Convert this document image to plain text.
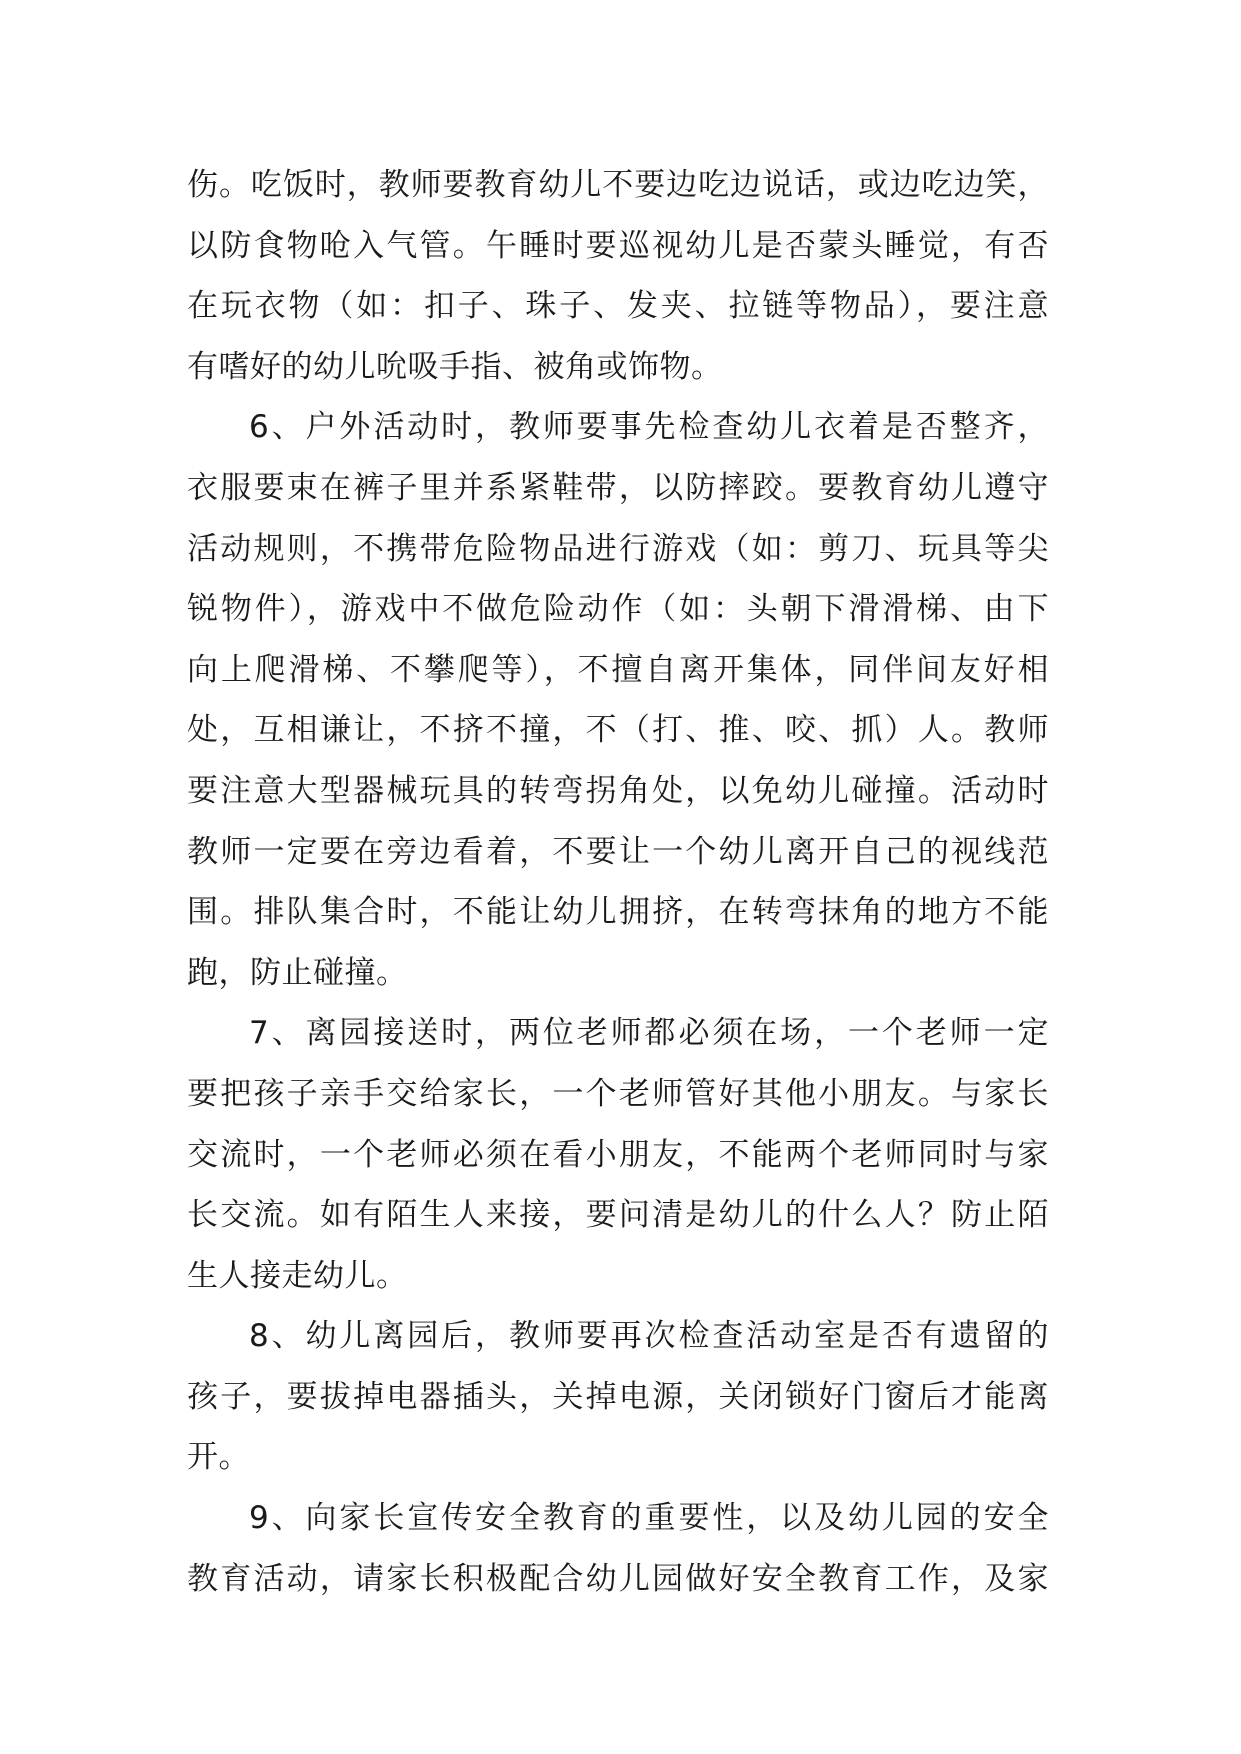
伤。吃饭时，教师要教育幼儿不要边吃边说话，或边吃边笑，
以防食物呛入气管。午睡时要巡视幼儿是否蒙头睡觉，有否
在玩衣物（如：扣子、珠子、发夹、拉链等物品），要注意
有嗜好的幼儿吮吸手指、被角或饰物。
6、户外活动时，教师要事先检查幼儿衣着是否整齐，
衣服要束在裤子里并系紧鞋带，以防摔跤。要教育幼儿遵守
活动规则，不携带危险物品进行游戏（如：剪刀、玩具等尖
锐物件），游戏中不做危险动作（如：头朝下滑滑梯、由下
向上爬滑梯、不攀爬等），不擅自离开集体，同伴间友好相
处，互相谦让，不挤不撞，不（打、推、咬、抓）人。教师
要注意大型器械玩具的转弯拐角处，以免幼儿碰撞。活动时
教师一定要在旁边看着，不要让一个幼儿离开自己的视线范
围。排队集合时，不能让幼儿拥挤，在转弯抹角的地方不能
跑，防止碰撞。
7、离园接送时，两位老师都必须在场，一个老师一定
要把孩子亲手交给家长，一个老师管好其他小朋友。与家长
交流时，一个老师必须在看小朋友，不能两个老师同时与家
长交流。如有陌生人来接，要问清是幼儿的什么人？防止陌
生人接走幼儿。
8、幼儿离园后，教师要再次检查活动室是否有遗留的
孩子，要拔掉电器插头，关掉电源，关闭锁好门窗后才能离
开。
9、向家长宣传安全教育的重要性，以及幼儿园的安全
教育活动，请家长积极配合幼儿园做好安全教育工作，及家
